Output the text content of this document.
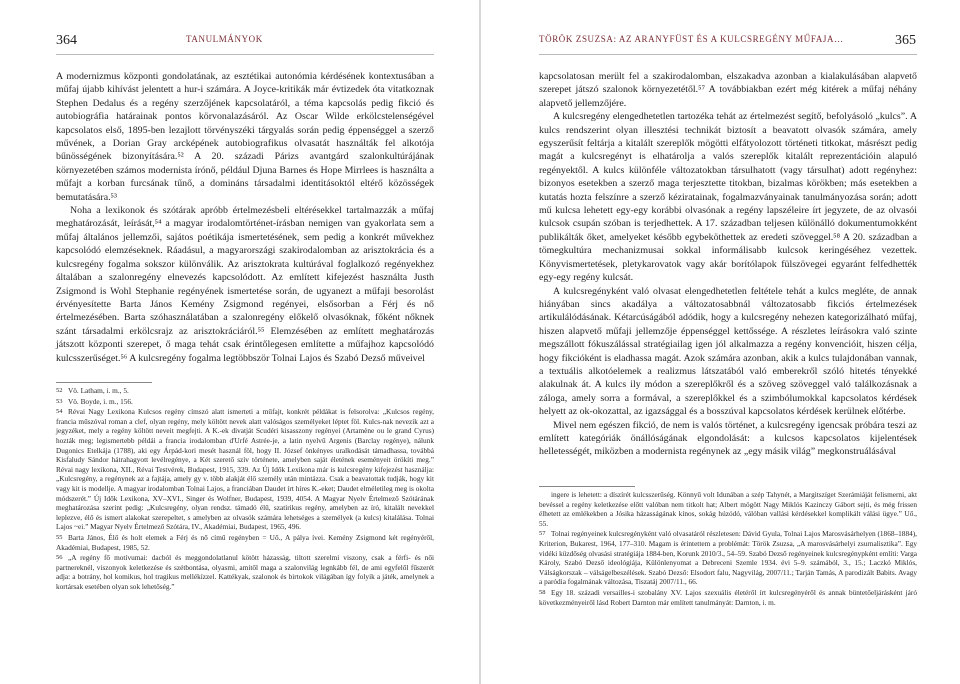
364	TANULMÁNYOK

A modernizmus központi gondolatának, az esztétikai autonómia kérdésének kontextusában a műfaj újabb kihívást jelentett a hur-i számára. A Joyce-kritikák már évtizedek óta vitatkoznak Stephen Dedalus és a regény szerzőjének kapcsolatáról, a téma kapcsolás pedig fikció és autobiográfia határainak pontos körvonalazásáról. Az Oscar Wilde erkölcstelenségével kapcsolatos első, 1895-ben lezajlott törvényszéki tárgyalás során pedig éppenséggel a szerző művének, a Dorian Gray arcképének autobiografikus olvasatát használták fel alkotója bűnösségének bizonyítására.⁵² A 20. századi Párizs avantgárd szalonkultúrájának környezetében számos modernista írónő, például Djuna Barnes és Hope Mirrlees is használta a műfajt a korban furcsának tűnő, a domináns társadalmi identitásoktól eltérő közösségek bemutatására.⁵³

Noha a lexikonok és szótárak apróbb értelmezésbeli eltérésekkel tartalmazzák a műfaj meghatározását, leírását,⁵⁴ a magyar irodalomtörténet-írásban nemigen van gyakorlata sem a műfaj általános jellemzői, sajátos poétikája ismertetésének, sem pedig a konkrét művekhez kapcsolódó elemzéseknek. Ráadásul, a magyarországi szakirodalomban az arisztokrácia és a kulcsregény fogalma sokszor különválik. Az arisztokrata kultúrával foglalkozó regényekhez általában a szalonregény elnevezés kapcsolódott. Az említett kifejezést használta Justh Zsigmond is Wohl Stephanie regényének ismertetése során, de ugyanezt a műfaji besorolást érvényesítette Barta János Kemény Zsigmond regényei, elsősorban a Férj és nő értelmezésében. Barta szóhasználatában a szalonregény előkelő olvasóknak, főként nőknek szánt társadalmi erkölcsrajz az arisztokráciáról.⁵⁵ Elemzésében az említett meghatározás játszott központi szerepet, ő maga tehát csak érintőlegesen említette a műfajhoz kapcsolódó kulcsszerűséget.⁵⁶ A kulcsregény fogalma legtöbbször Tolnai Lajos és Szabó Dezső műveivel

52 Vö. Latham, i. m., 5.

53 Vö. Boyde, i. m., 156.

54 Révai Nagy Lexikona Kulcsos regény címszó alatt ismerteti a műfajt, konkrét példákat is felsorolva: „Kulcsos regény, francia műszóval roman a clef, olyan regény, mely költött nevek alatt valóságos személyeket léptet föl. Kulcs-nak nevezik azt a jegyzéket, mely a regény költött neveit megfejti. A K.-ek divatját Scudéri kisasszony regényei (Artamène ou le grand Cyrus) hozták meg; legismertebb példái a francia irodalomban d'Urfé Astrée-je, a latin nyelvű Argenis (Barclay regénye), nálunk Dugonics Etelkája (1788), aki egy Árpád-kori mesét használ föl, hogy II. József önkényes uralkodását támadhassa, továbbá Kisfaludy Sándor hátrahagyott levélregénye, a Két szerető szív története, amelyben saját életének eseményeit örökíti meg.” Révai nagy lexikona, XII., Révai Testvérek, Budapest, 1915, 339. Az Új Idők Lexikona már is kulcsregény kifejezést használja: „Kulcsregény, a regénynek az a fajtája, amely gy v. több alakját élő személy után mintázza. Csak a beavatottak tudják, hogy kit vagy kit is modellje. A magyar irodalomban Tolnai Lajos, a franciában Daudet írt híres K.-eket; Daudet elméletileg meg is okolta módszerét.” Új Idők Lexikona, XV–XVI., Singer és Wolfner, Budapest, 1939, 4054. A Magyar Nyelv Értelmező Szótárának meghatározása szerint pedig: „Kulcsregény, olyan rendsz. támadó élű, szatirikus regény, amelyben az író, kitalált nevekkel leplezve, élő és ismert alakokat szerepeltet, s amelyben az olvasók számára lehetséges a személyek (a kulcs) kitalálása. Tolnai Lajos ~ei.” Magyar Nyelv Értelmező Szótára, IV., Akadémiai, Budapest, 1965, 496.

55 Barta János, Élő és holt elemek a Férj és nő című regényben = Uő., A pálya ívei. Kemény Zsigmond két regényéről, Akadémiai, Budapest, 1985, 52.

56 „A regény fő motívumai: dacból és meggondolatlanul kötött házasság, tiltott szerelmi viszony, csak a férfi- és női partnereknél, viszonyok keletkezése és szétbontása, olyasmi, amitől maga a szalonvilág legnkább fél, de ami egyfelől fűszerét adja: a botrány, hol komikus, hol tragikus mellékízzel. Kattékyak, szalonok és birtokok világában így folyik a játék, amelynek a kortársak esetében olyan sok lehetőség.”

TÖRÖK ZSUZSA: AZ ARANYFÜST ÉS A KULCSREGÉNY MŰFAJA…	365

kapcsolatosan merült fel a szakirodalomban, elszakadva azonban a kialakulásában alapvető szerepet játszó szalonok környezetétől.⁵⁷ A továbbiakban ezért még kitérek a műfaj néhány alapvető jellemzőjére.

A kulcsregény elengedhetetlen tartozéka tehát az értelmezést segítő, befolyásoló „kulcs”. A kulcs rendszerint olyan illesztési technikát biztosít a beavatott olvasók számára, amely egyszerűsít feltárja a kitalált szereplők mögötti elfátyolozott történeti titkokat, másrészt pedig magát a kulcsregényt is elhatárolja a valós szereplők kitalált reprezentációin alapuló regényektől. A kulcs különféle változatokban társulhatott (vagy társulhat) adott regényhez: bizonyos esetekben a szerző maga terjesztette titokban, bizalmas körökben; más esetekben a kutatás hozta felszínre a szerző kéziratainak, fogalmazványainak tanulmányozása során; adott mű kulcsa lehetett egy-egy korábbi olvasónak a regény lapszéleire írt jegyzete, de az olvasói kulcsok csupán szóban is terjedhettek. A 17. században teljesen különálló dokumentumokként publikálták őket, amelyeket később egybeköthettek az eredeti szöveggel.⁵⁸ A 20. században a tömegkultúra mechanizmusai sokkal informálisabb kulcsok keringéséhez vezettek. Könyvismertetések, pletykarovatok vagy akár borítólapok fülszövegei egyaránt felfedhették egy-egy regény kulcsát.

A kulcsregényként való olvasat elengedhetetlen feltétele tehát a kulcs megléte, de annak hiányában sincs akadálya a változatosabbnál változatosabb fikciós értelmezések artikulálódásának. Kétarcúságából adódik, hogy a kulcsregény nehezen kategorizálható műfaj, hiszen alapvető műfaji jellemzője éppenséggel kettőssége. A részletes leírásokra való szinte megszállott fókuszálással stratégiailag igen jól alkalmazza a regény konvencióit, hiszen célja, hogy fikcióként is eladhassa magát. Azok számára azonban, akik a kulcs tulajdonában vannak, a textuális alkotóelemek a realizmus látszatából való emberekről szóló hitetés tényekké alakulnak át. A kulcs ily módon a szereplőkről és a szöveg szöveggel való találkozásnak a záloga, amely sorra a formával, a szereplőkkel és a szimbólumokkal kapcsolatos kérdések helyett az ok-okozattal, az igazsággal és a bosszúval kapcsolatos kérdések kerülnek előtérbe.

Mivel nem egészen fikció, de nem is valós történet, a kulcsregény igencsak próbára teszi az említett kategóriák önállóságának elgondolását: a kulcsos kapcsolatos kijelentések helletességét, miközben a modernista regénynek az „egy másik világ” megkonstruálásával

ingere is lehetett: a díszírét kulcsszerűség. Könnyű volt Idunában a szép Tahynét, a Margitszíget Szerámiáját felismerni, akt bevéssel a regény keletkezése előtt valóban nem titkolt hat; Albert mögött Nagy Miklós Kazinczy Gábort sejti, és még frissen élhetett az emlékekben a Jósika házasságának kínos, sokág húzódó, válóban vallási kérdésekkel komplikált válási ügye.” Uő., 55.

57 Tolnai regényeinek kulcsregényként való olvasatáról részletesen: Dávid Gyula, Tolnai Lajos Marosvásárhelyen (1868–1884), Kriterion, Bukarest, 1964, 177–310. Magam is érintettem a problémát: Török Zsuzsa, „A marosvásárhelyi zsurnalisztika”. Egy vidéki küzdőség olvasási stratégiája 1884-ben, Korunk 2010/3., 54–59. Szabó Dezső regényeinek kulcsregénypként említi: Varga Károly, Szabó Dezső ideológiája, Különlenyomat a Debreceni Szemle 1934. évi 5–9. számából, 3., 15.; Laczkó Miklós, Válságkorszak – válságelbeszélések. Szabó Dezső: Elsodort falu, Nagyvilág, 2007/11.; Tarján Tamás, A parodizált Babits. Avagy a paródia fogalmának változása, Tiszatáj 2007/11., 66.

58 Egy 18. századi versailles-i szobalány XV. Lajos szexuális életéről írt kulcsregényéről és annak büntetőeljárásként járó következményeiről lásd Robert Darnton már említett tanulmányát: Darnton, i. m.
